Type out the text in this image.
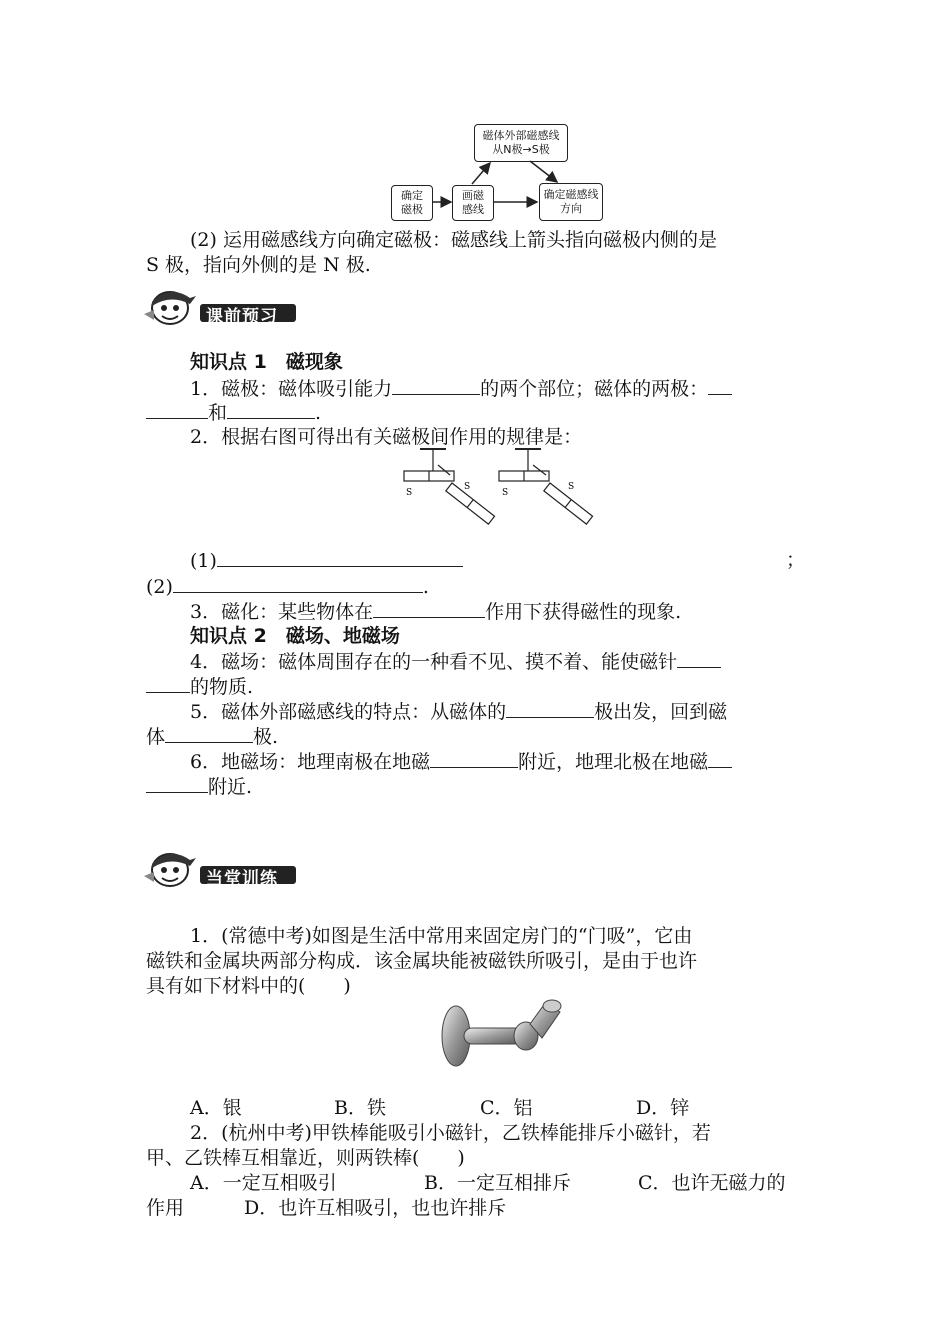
磁体外部磁感线从N极→S极
确定磁极
画磁感线
确定磁感线方向
(2) 运用磁感线方向确定磁极：磁感线上箭头指向磁极内侧的是
S 极，指向外侧的是 N 极.
课前预习
知识点 1　磁现象
1．磁极：磁体吸引能力	的两个部位；磁体的两极：
和	.
2．根据右图可得出有关磁极间作用的规律是：
S
S
S
S
(1)	；
(2)	.
3．磁化：某些物体在	作用下获得磁性的现象.
知识点 2　磁场、地磁场
4．磁场：磁体周围存在的一种看不见、摸不着、能使磁针
的物质.
5．磁体外部磁感线的特点：从磁体的	极出发，回到磁
体	极.
6．地磁场：地理南极在地磁	附近，地理北极在地磁
附近.
当堂训练
1．(常德中考)如图是生活中常用来固定房门的“门吸”，它由
磁铁和金属块两部分构成．该金属块能被磁铁所吸引，是由于也许
具有如下材料中的(　　)
A．银	B．铁	C．铝	D．锌
2．(杭州中考)甲铁棒能吸引小磁针，乙铁棒能排斥小磁针，若
甲、乙铁棒互相靠近，则两铁棒(　　)
A．一定互相吸引	B．一定互相排斥	C．也许无磁力的
作用	D．也许互相吸引，也也许排斥
